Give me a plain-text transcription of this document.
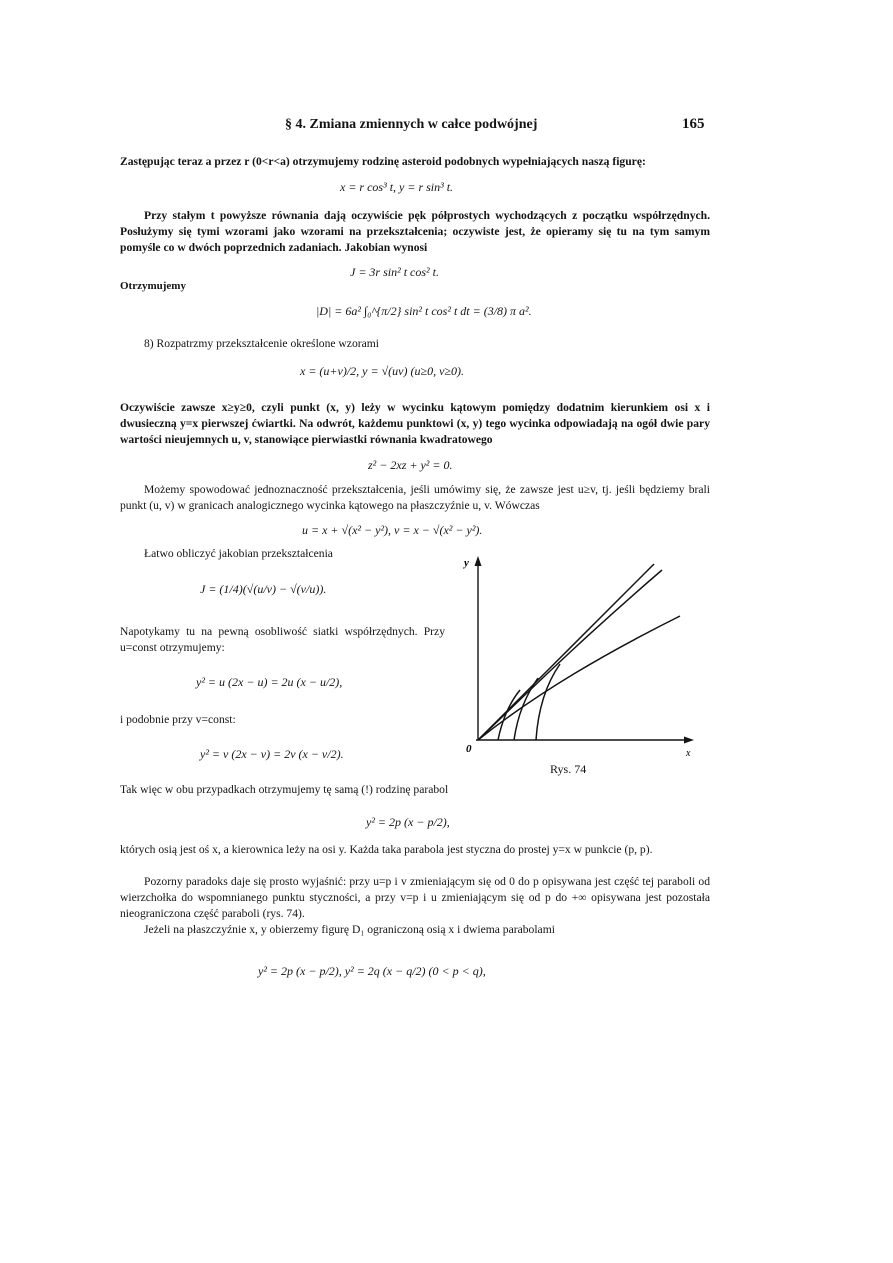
§ 4. Zmiana zmiennych w całce podwójnej	165
Zastępując teraz a przez r (0<r<a) otrzymujemy rodzinę asteroid podobnych wypełniających naszą figurę:
x = r cos³ t, y = r sin³ t.
Przy stałym t powyższe równania dają oczywiście pęk półprostych wychodzących z początku współrzędnych. Posłużymy się tymi wzorami jako wzorami na przekształcenia; oczywiste jest, że opieramy się tu na tym samym pomyśle co w dwóch poprzednich zadaniach. Jakobian wynosi
J = 3r sin² t cos² t.
Otrzymujemy
|D| = 6a² ∫₀^{π/2} sin² t cos² t dt = (3/8) π a².
8) Rozpatrzmy przekształcenie określone wzorami
x = (u+v)/2, y = √(uv) (u≥0, v≥0).
Oczywiście zawsze x≥y≥0, czyli punkt (x, y) leży w wycinku kątowym pomiędzy dodatnim kierunkiem osi x i dwusieczną y=x pierwszej ćwiartki. Na odwrót, każdemu punktowi (x, y) tego wycinka odpowiadają na ogół dwie pary wartości nieujemnych u, v, stanowiące pierwiastki równania kwadratowego
z² − 2xz + y² = 0.
Możemy spowodować jednoznaczność przekształcenia, jeśli umówimy się, że zawsze jest u≥v, tj. jeśli będziemy brali punkt (u, v) w granicach analogicznego wycinka kątowego na płaszczyźnie u, v. Wówczas
u = x + √(x² − y²), v = x − √(x² − y²).
Łatwo obliczyć jakobian przekształcenia
J = (1/4)(√(u/v) − √(v/u)).
Napotykamy tu na pewną osobliwość siatki współrzędnych. Przy u=const otrzymujemy:
y² = u (2x − u) = 2u (x − u/2),
i podobnie przy v=const:
y² = v (2x − v) = 2v (x − v/2).
Tak więc w obu przypadkach otrzymujemy tę samą (!) rodzinę parabol
y² = 2p (x − p/2),
których osią jest oś x, a kierownica leży na osi y. Każda taka parabola jest styczna do prostej y=x w punkcie (p, p).
Pozorny paradoks daje się prosto wyjaśnić: przy u=p i v zmieniającym się od 0 do p opisywana jest część tej paraboli od wierzchołka do wspomnianego punktu styczności, a przy v=p i u zmieniającym się od p do +∞ opisywana jest pozostała nieograniczona część paraboli (rys. 74).
Jeżeli na płaszczyźnie x, y obierzemy figurę D₁ ograniczoną osią x i dwiema parabolami
y² = 2p (x − p/2), y² = 2q (x − q/2) (0 < p < q),
y
x
0
Rys. 74
